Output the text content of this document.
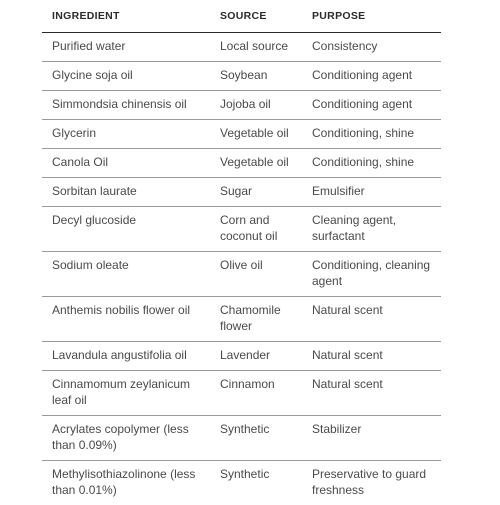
INGREDIENT	SOURCE	PURPOSE
Purified water	Local source	Consistency
Glycine soja oil	Soybean	Conditioning agent
Simmondsia chinensis oil	Jojoba oil	Conditioning agent
Glycerin	Vegetable oil	Conditioning, shine
Canola Oil	Vegetable oil	Conditioning, shine
Sorbitan laurate	Sugar	Emulsifier
Decyl glucoside	Corn and coconut oil	Cleaning agent, surfactant
Sodium oleate	Olive oil	Conditioning, cleaning agent
Anthemis nobilis flower oil	Chamomile flower	Natural scent
Lavandula angustifolia oil	Lavender	Natural scent
Cinnamomum zeylanicum leaf oil	Cinnamon	Natural scent
Acrylates copolymer (less than 0.09%)	Synthetic	Stabilizer
Methylisothiazolinone (less than 0.01%)	Synthetic	Preservative to guard freshness
